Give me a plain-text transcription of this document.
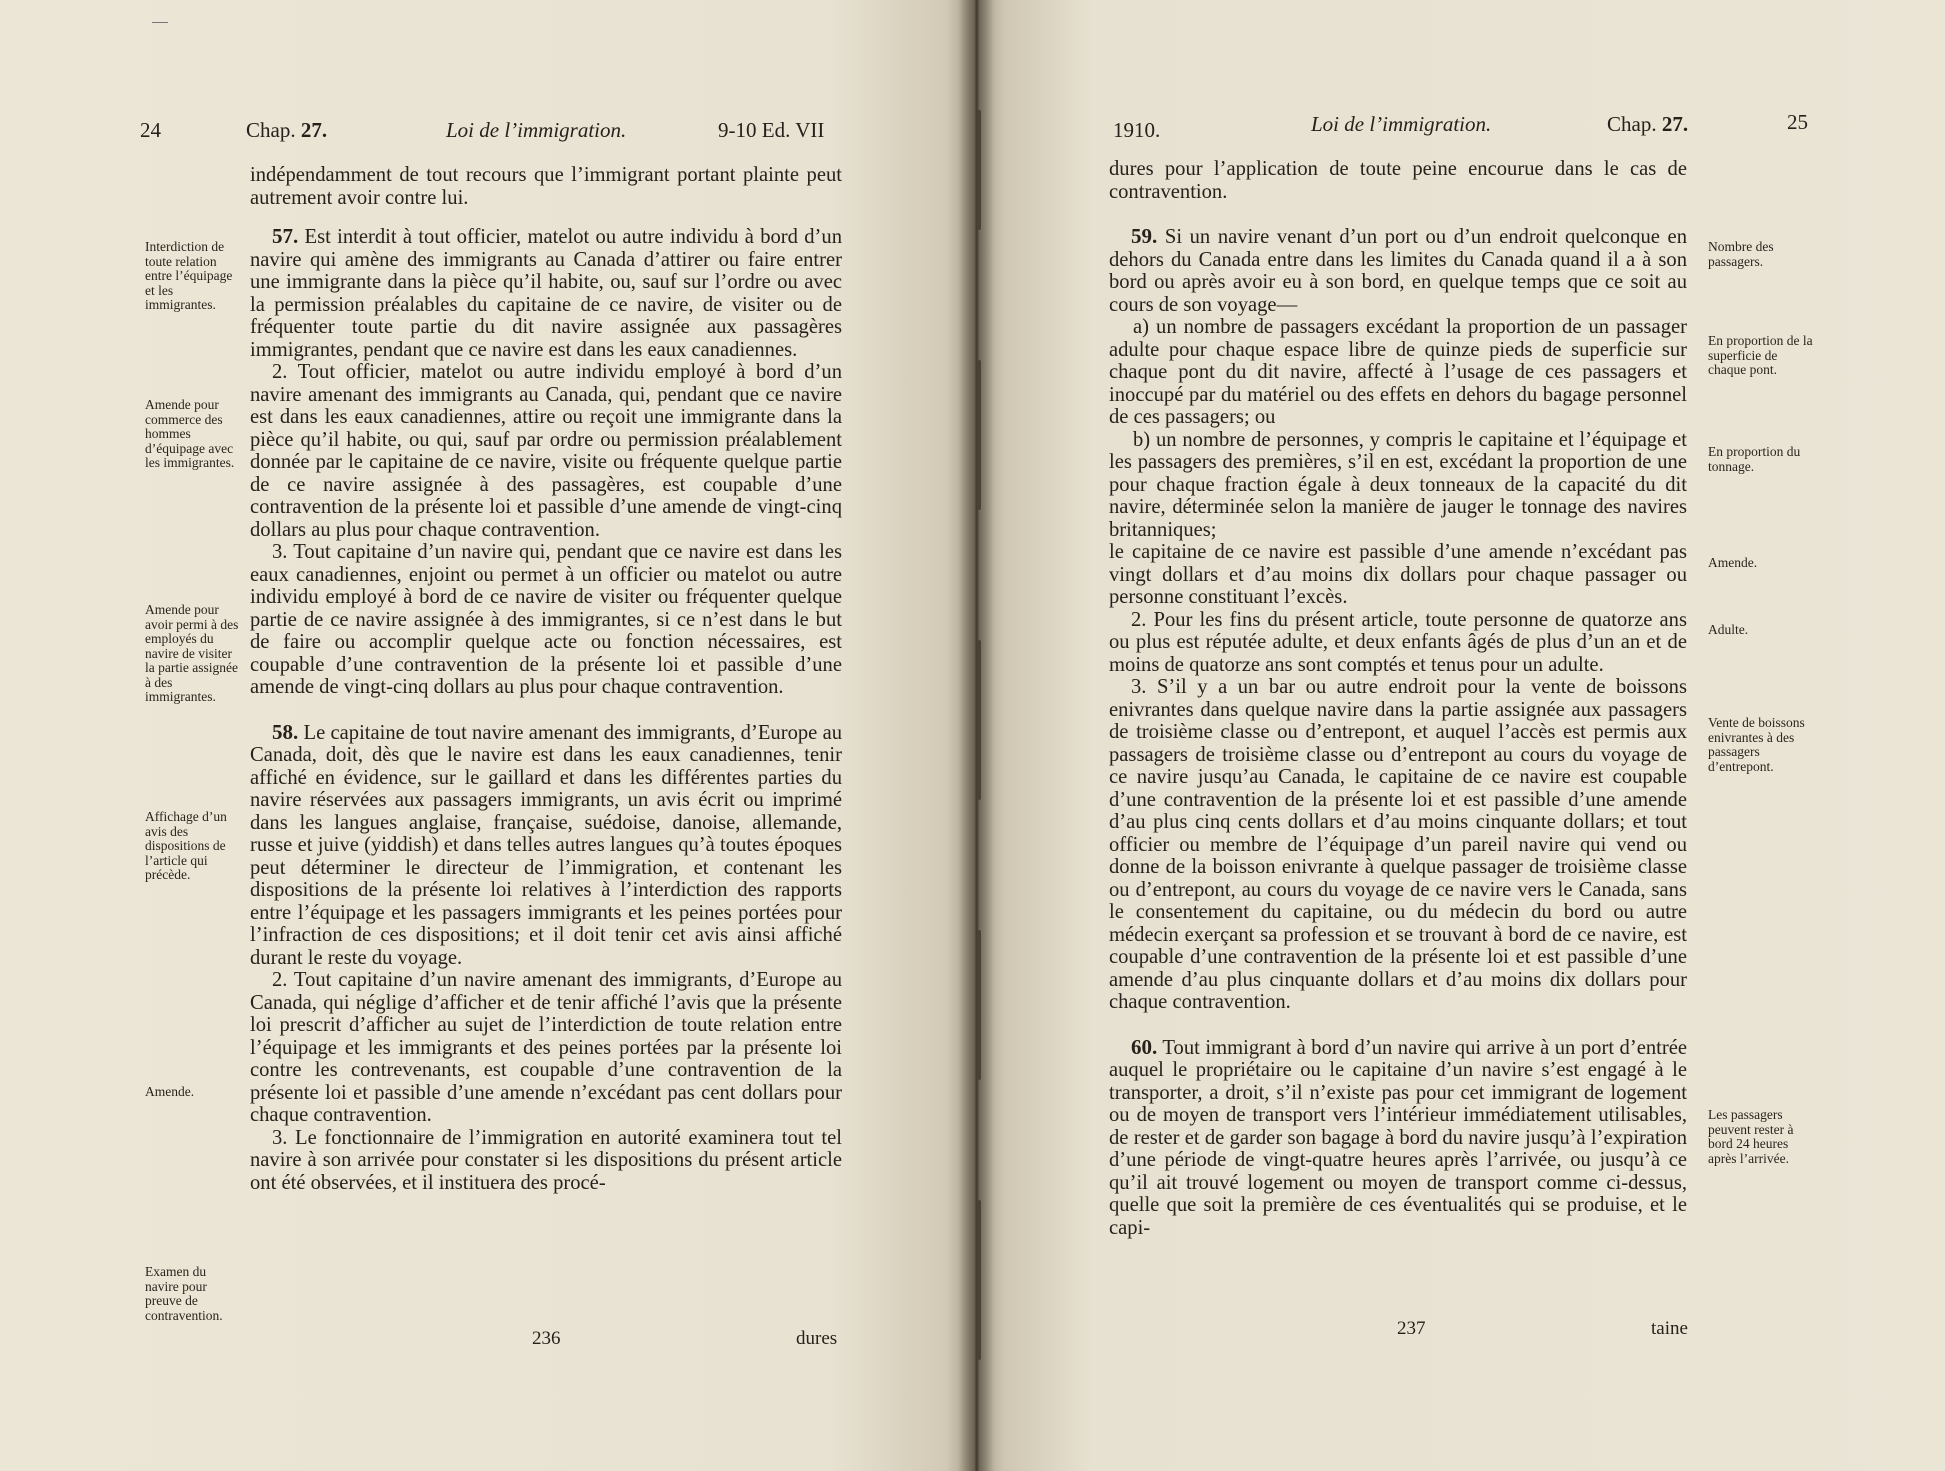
24	Chap. 27.	Loi de l’immigration.	9-10 Ed. VII

indépendamment de tout recours que l’immigrant portant plainte peut autrement avoir contre lui.

57. Est interdit à tout officier, matelot ou autre individu à bord d’un navire qui amène des immigrants au Canada d’attirer ou faire entrer une immigrante dans la pièce qu’il habite, ou, sauf sur l’ordre ou avec la permission préalables du capitaine de ce navire, de visiter ou de fréquenter toute partie du dit navire assignée aux passagères immigrantes, pendant que ce navire est dans les eaux canadiennes.

2. Tout officier, matelot ou autre individu employé à bord d’un navire amenant des immigrants au Canada, qui, pendant que ce navire est dans les eaux canadiennes, attire ou reçoit une immigrante dans la pièce qu’il habite, ou qui, sauf par ordre ou permission préalablement donnée par le capitaine de ce navire, visite ou fréquente quelque partie de ce navire assignée à des passagères, est coupable d’une contravention de la présente loi et passible d’une amende de vingt-cinq dollars au plus pour chaque contravention.

3. Tout capitaine d’un navire qui, pendant que ce navire est dans les eaux canadiennes, enjoint ou permet à un officier ou matelot ou autre individu employé à bord de ce navire de visiter ou fréquenter quelque partie de ce navire assignée à des immigrantes, si ce n’est dans le but de faire ou accomplir quelque acte ou fonction nécessaires, est coupable d’une contravention de la présente loi et passible d’une amende de vingt-cinq dollars au plus pour chaque contravention.

58. Le capitaine de tout navire amenant des immigrants, d’Europe au Canada, doit, dès que le navire est dans les eaux canadiennes, tenir affiché en évidence, sur le gaillard et dans les différentes parties du navire réservées aux passagers immigrants, un avis écrit ou imprimé dans les langues anglaise, française, suédoise, danoise, allemande, russe et juive (yiddish) et dans telles autres langues qu’à toutes époques peut déterminer le directeur de l’immigration, et contenant les dispositions de la présente loi relatives à l’interdiction des rapports entre l’équipage et les passagers immigrants et les peines portées pour l’infraction de ces dispositions; et il doit tenir cet avis ainsi affiché durant le reste du voyage.

2. Tout capitaine d’un navire amenant des immigrants, d’Europe au Canada, qui néglige d’afficher et de tenir affiché l’avis que la présente loi prescrit d’afficher au sujet de l’interdiction de toute relation entre l’équipage et les immigrants et des peines portées par la présente loi contre les contrevenants, est coupable d’une contravention de la présente loi et passible d’une amende n’excédant pas cent dollars pour chaque contravention.

3. Le fonctionnaire de l’immigration en autorité examinera tout tel navire à son arrivée pour constater si les dispositions du présent article ont été observées, et il instituera des procé-

Interdiction de toute relation entre l’équipage et les immigrantes.
Amende pour commerce des hommes d’équipage avec les immigrantes.
Amende pour avoir permi à des employés du navire de visiter la partie assignée à des immigrantes.
Affichage d’un avis des dispositions de l’article qui précède.
Amende.
Examen du navire pour preuve de contravention.
236	dures
1910.	Loi de l’immigration.	Chap. 27.	25

dures pour l’application de toute peine encourue dans le cas de contravention.

59. Si un navire venant d’un port ou d’un endroit quelconque en dehors du Canada entre dans les limites du Canada quand il a à son bord ou après avoir eu à son bord, en quelque temps que ce soit au cours de son voyage—

a) un nombre de passagers excédant la proportion de un passager adulte pour chaque espace libre de quinze pieds de superficie sur chaque pont du dit navire, affecté à l’usage de ces passagers et inoccupé par du matériel ou des effets en dehors du bagage personnel de ces passagers; ou

b) un nombre de personnes, y compris le capitaine et l’équipage et les passagers des premières, s’il en est, excédant la proportion de une pour chaque fraction égale à deux tonneaux de la capacité du dit navire, déterminée selon la manière de jauger le tonnage des navires britanniques;

le capitaine de ce navire est passible d’une amende n’excédant pas vingt dollars et d’au moins dix dollars pour chaque passager ou personne constituant l’excès.

2. Pour les fins du présent article, toute personne de quatorze ans ou plus est réputée adulte, et deux enfants âgés de plus d’un an et de moins de quatorze ans sont comptés et tenus pour un adulte.

3. S’il y a un bar ou autre endroit pour la vente de boissons enivrantes dans quelque navire dans la partie assignée aux passagers de troisième classe ou d’entrepont, et auquel l’accès est permis aux passagers de troisième classe ou d’entrepont au cours du voyage de ce navire jusqu’au Canada, le capitaine de ce navire est coupable d’une contravention de la présente loi et est passible d’une amende d’au plus cinq cents dollars et d’au moins cinquante dollars; et tout officier ou membre de l’équipage d’un pareil navire qui vend ou donne de la boisson enivrante à quelque passager de troisième classe ou d’entrepont, au cours du voyage de ce navire vers le Canada, sans le consentement du capitaine, ou du médecin du bord ou autre médecin exerçant sa profession et se trouvant à bord de ce navire, est coupable d’une contravention de la présente loi et est passible d’une amende d’au plus cinquante dollars et d’au moins dix dollars pour chaque contravention.

60. Tout immigrant à bord d’un navire qui arrive à un port d’entrée auquel le propriétaire ou le capitaine d’un navire s’est engagé à le transporter, a droit, s’il n’existe pas pour cet immigrant de logement ou de moyen de transport vers l’intérieur immédiatement utilisables, de rester et de garder son bagage à bord du navire jusqu’à l’expiration d’une période de vingt-quatre heures après l’arrivée, ou jusqu’à ce qu’il ait trouvé logement ou moyen de transport comme ci-dessus, quelle que soit la première de ces éventualités qui se produise, et le capi-

Nombre des passagers.
En proportion de la superficie de chaque pont.
En proportion du tonnage.
Amende.
Adulte.
Vente de boissons enivrantes à des passagers d’entrepont.
Les passagers peuvent rester à bord 24 heures après l’arrivée.
237	taine
